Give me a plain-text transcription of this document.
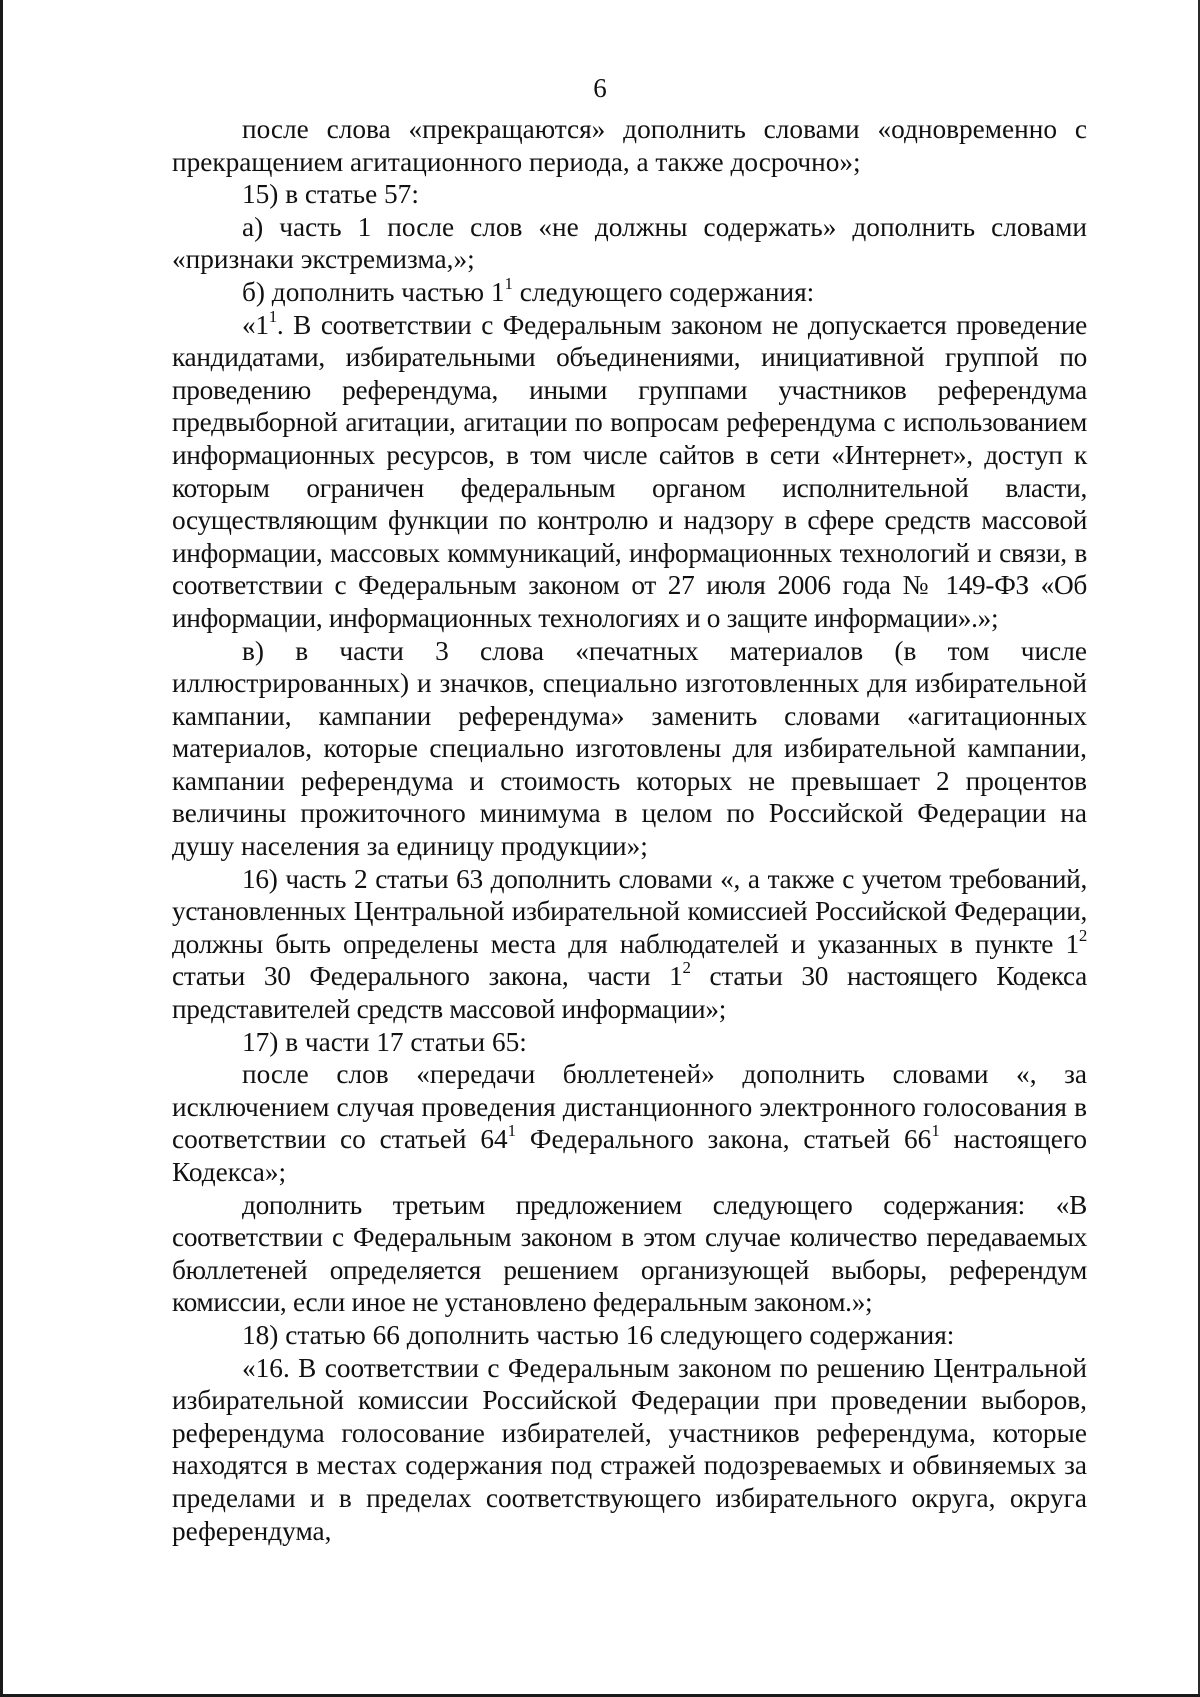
6

после слова «прекращаются» дополнить словами «одновременно с прекращением агитационного периода, а также досрочно»;

15) в статье 57:

а) часть 1 после слов «не должны содержать» дополнить словами «признаки экстремизма,»;

б) дополнить частью $1^1$ следующего содержания:

«$1^1$. В соответствии с Федеральным законом не допускается проведение кандидатами, избирательными объединениями, инициативной группой по проведению референдума, иными группами участников референдума предвыборной агитации, агитации по вопросам референдума с использованием информационных ресурсов, в том числе сайтов в сети «Интернет», доступ к которым ограничен федеральным органом исполнительной власти, осуществляющим функции по контролю и надзору в сфере средств массовой информации, массовых коммуникаций, информационных технологий и связи, в соответствии с Федеральным законом от 27 июля 2006 года № 149-ФЗ «Об информации, информационных технологиях и о защите информации».»;

в) в части 3 слова «печатных материалов (в том числе иллюстрированных) и значков, специально изготовленных для избирательной кампании, кампании референдума» заменить словами «агитационных материалов, которые специально изготовлены для избирательной кампании, кампании референдума и стоимость которых не превышает 2 процентов величины прожиточного минимума в целом по Российской Федерации на душу населения за единицу продукции»;

16) часть 2 статьи 63 дополнить словами «, а также с учетом требований, установленных Центральной избирательной комиссией Российской Федерации, должны быть определены места для наблюдателей и указанных в пункте $1^2$ статьи 30 Федерального закона, части $1^2$ статьи 30 настоящего Кодекса представителей средств массовой информации»;

17) в части 17 статьи 65:

после слов «передачи бюллетеней» дополнить словами «, за исключением случая проведения дистанционного электронного голосования в соответствии со статьей $64^1$ Федерального закона, статьей $66^1$ настоящего Кодекса»;

дополнить третьим предложением следующего содержания: «В соответствии с Федеральным законом в этом случае количество передаваемых бюллетеней определяется решением организующей выборы, референдум комиссии, если иное не установлено федеральным законом.»;

18) статью 66 дополнить частью 16 следующего содержания:

«16. В соответствии с Федеральным законом по решению Центральной избирательной комиссии Российской Федерации при проведении выборов, референдума голосование избирателей, участников референдума, которые находятся в местах содержания под стражей подозреваемых и обвиняемых за пределами и в пределах соответствующего избирательного округа, округа референдума,
